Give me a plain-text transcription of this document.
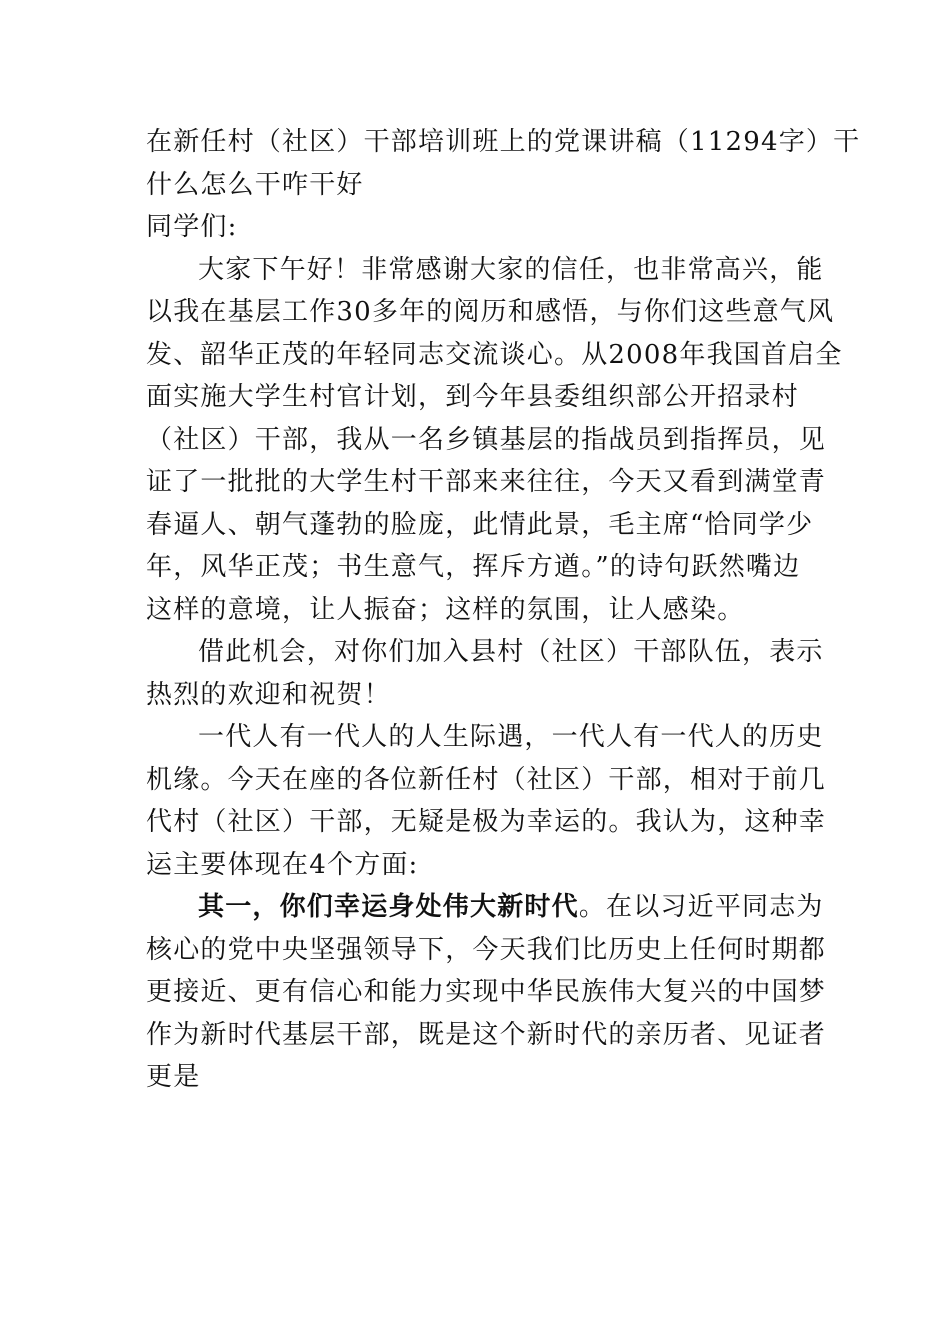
在新任村（社区）干部培训班上的党课讲稿（11294字）干
什么怎么干咋干好
同学们:
大家下午好！非常感谢大家的信任，也非常高兴，能
以我在基层工作30多年的阅历和感悟，与你们这些意气风
发、韶华正茂的年轻同志交流谈心。从2008年我国首启全
面实施大学生村官计划，到今年县委组织部公开招录村
（社区）干部，我从一名乡镇基层的指战员到指挥员，见
证了一批批的大学生村干部来来往往，今天又看到满堂青
春逼人、朝气蓬勃的脸庞，此情此景，毛主席“恰同学少
年，风华正茂；书生意气，挥斥方遒。”的诗句跃然嘴边
这样的意境，让人振奋；这样的氛围，让人感染。
借此机会，对你们加入县村（社区）干部队伍，表示
热烈的欢迎和祝贺！
一代人有一代人的人生际遇，一代人有一代人的历史
机缘。今天在座的各位新任村（社区）干部，相对于前几
代村（社区）干部，无疑是极为幸运的。我认为，这种幸
运主要体现在4个方面:
其一，你们幸运身处伟大新时代。在以习近平同志为
核心的党中央坚强领导下，今天我们比历史上任何时期都
更接近、更有信心和能力实现中华民族伟大复兴的中国梦
作为新时代基层干部，既是这个新时代的亲历者、见证者
更是
